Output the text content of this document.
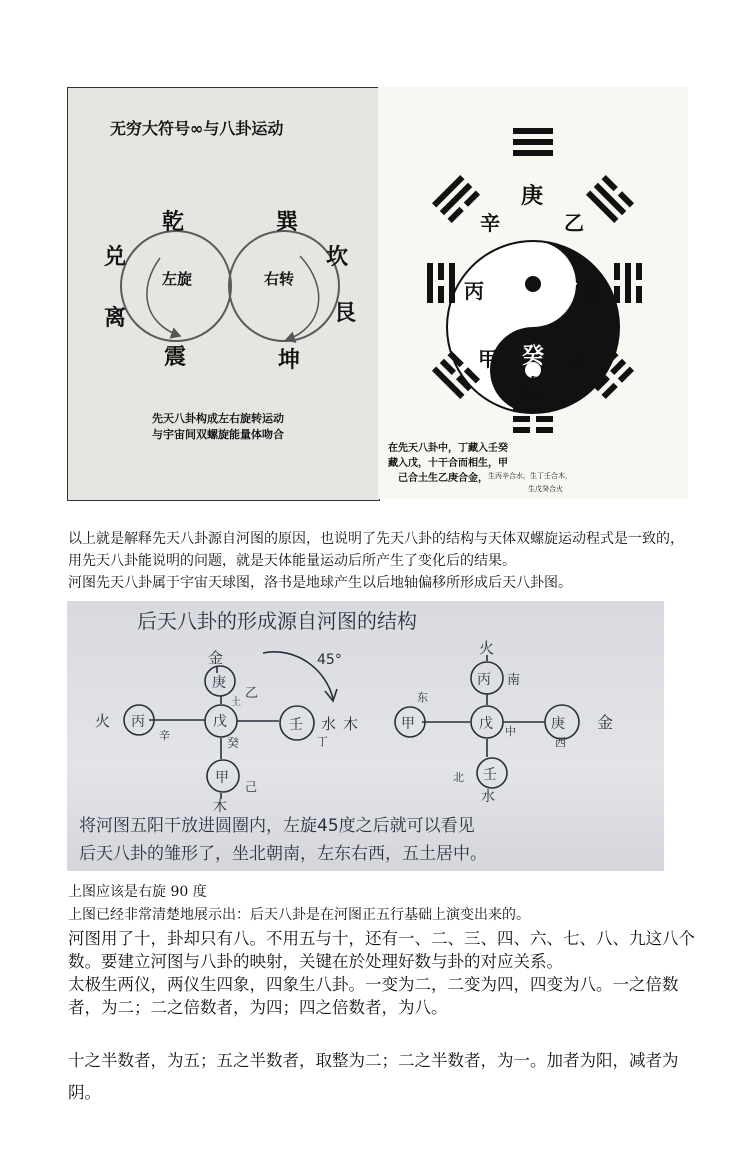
无穷大符号∞与八卦运动
乾	巽
兑	坎
离	艮
震	坤
左旋	右转
先天八卦构成左右旋转运动
与宇宙间双螺旋能量体吻合
庚
辛	乙
丙	丁 壬
甲 癸 己
戊
在先天八卦中，丁藏入壬癸
藏入戊，十干合而相生，甲
己合土生乙庚合金， 生丙辛合水，生丁壬合木，
生戊癸合火
以上就是解释先天八卦源自河图的原因，也说明了先天八卦的结构与天体双螺旋运动程式是一致的，用先天八卦能说明的问题，就是天体能量运动后所产生了变化后的结果。
河图先天八卦属于宇宙天球图，洛书是地球产生以后地轴偏移所形成后天八卦图。
后天八卦的形成源自河图的结构
45°
金
庚
乙
土
戊
火 丙
辛
壬 水
丁
癸
甲
己
木
木
火
丙 南
东
甲	戊 中	庚
西
金
北 壬
水
将河图五阳干放进圆圈内，左旋45度之后就可以看见
后天八卦的雏形了，坐北朝南，左东右西，五土居中。
上图应该是右旋 90 度
上图已经非常清楚地展示出：后天八卦是在河图正五行基础上演变出来的。
河图用了十，卦却只有八。不用五与十，还有一、二、三、四、六、七、八、九这八个数。要建立河图与八卦的映射，关键在於处理好数与卦的对应关系。
太极生两仪，两仪生四象，四象生八卦。一变为二，二变为四，四变为八。一之倍数者，为二；二之倍数者，为四；四之倍数者，为八。
十之半数者，为五；五之半数者，取整为二；二之半数者，为一。加者为阳，减者为阴。
